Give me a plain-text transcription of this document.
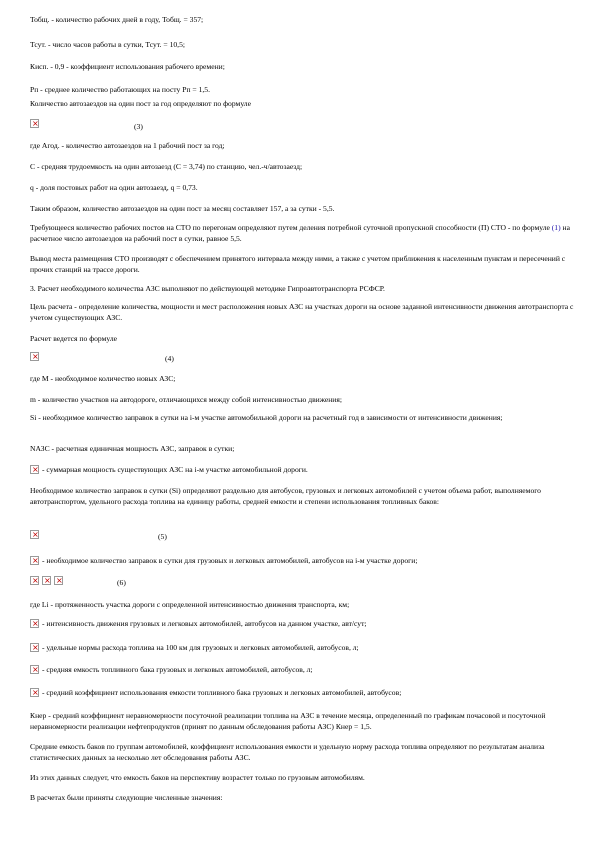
Тобщ. - количество рабочих дней в году, Тобщ. = 357;
Тсут. - число часов работы в сутки, Тсут. = 10,5;
Кисп. - 0,9 - коэффициент использования рабочего времени;
Рп - среднее количество работающих на посту Рп = 1,5.
Количество автозаездов на один пост за год определяют по формуле
×
(3)
где Агод. - количество автозаездов на 1 рабочий пост за год;
С - средняя трудоемкость на один автозаезд (С = 3,74) по станцию, чел.-ч/автозаезд;
q - доля постовых работ на один автозаезд, q = 0,73.
Таким образом, количество автозаездов на один пост за месяц составляет 157, а за сутки - 5,5.
Требующееся количество рабочих постов на СТО по перегонам определяют путем деления потребной суточной пропускной способности (П) СТО - по формуле (1) на расчетное число автозаездов на рабочий пост в сутки, равное 5,5.
Вывод места размещения СТО производят с обеспечением принятого интервала между ними, а также с учетом приближения к населенным пунктам и пересечений с прочих станций на трассе дороги.
3. Расчет необходимого количества АЗС выполняют по действующей методике Гипроавтотранспорта РСФСР.
Цель расчета - определение количества, мощности и мест расположения новых АЗС на участках дороги на основе заданной интенсивности движения автотранспорта с учетом существующих АЗС.
Расчет ведется по формуле
×
(4)
где M - необходимое количество новых АЗС;
m - количество участков на автодороге, отличающихся между собой интенсивностью движения;
Si - необходимое количество заправок в сутки на i-м участке автомобильной дороги на расчетный год в зависимости от интенсивности движения;
NАЗС - расчетная единичная мощность АЗС, заправок в сутки;
×
- суммарная мощность существующих АЗС на i-м участке автомобильной дороги.
Необходимое количество заправок в сутки (Si) определяют раздельно для автобусов, грузовых и легковых автомобилей с учетом объема работ, выполняемого автотранспортом, удельного расхода топлива на единицу работы, средней емкости и степени использования топливных баков:
×
(5)
×
- необходимое количество заправок в сутки для грузовых и легковых автомобилей, автобусов на i-м участке дороги;
×
×
×
(6)
где Li - протяженность участка дороги с определенной интенсивностью движения транспорта, км;
×
- интенсивность движения грузовых и легковых автомобилей, автобусов на данном участке, авт/сут;
×
- удельные нормы расхода топлива на 100 км для грузовых и легковых автомобилей, автобусов, л;
×
- средняя емкость топливного бака грузовых и легковых автомобилей, автобусов, л;
×
- средний коэффициент использования емкости топливного бака грузовых и легковых автомобилей, автобусов;
Кнер - средний коэффициент неравномерности посуточной реализации топлива на АЗС в течение месяца, определенный по графикам почасовой и посуточной неравномерности реализации нефтепродуктов (принят по данным обследования работы АЗС) Кнер = 1,5.
Средние емкость баков по группам автомобилей, коэффициент использования емкости и удельную норму расхода топлива определяют по результатам анализа статистических данных за несколько лет обследования работы АЗС.
Из этих данных следует, что емкость баков на перспективу возрастет только по грузовым автомобилям.
В расчетах были приняты следующие численные значения:
